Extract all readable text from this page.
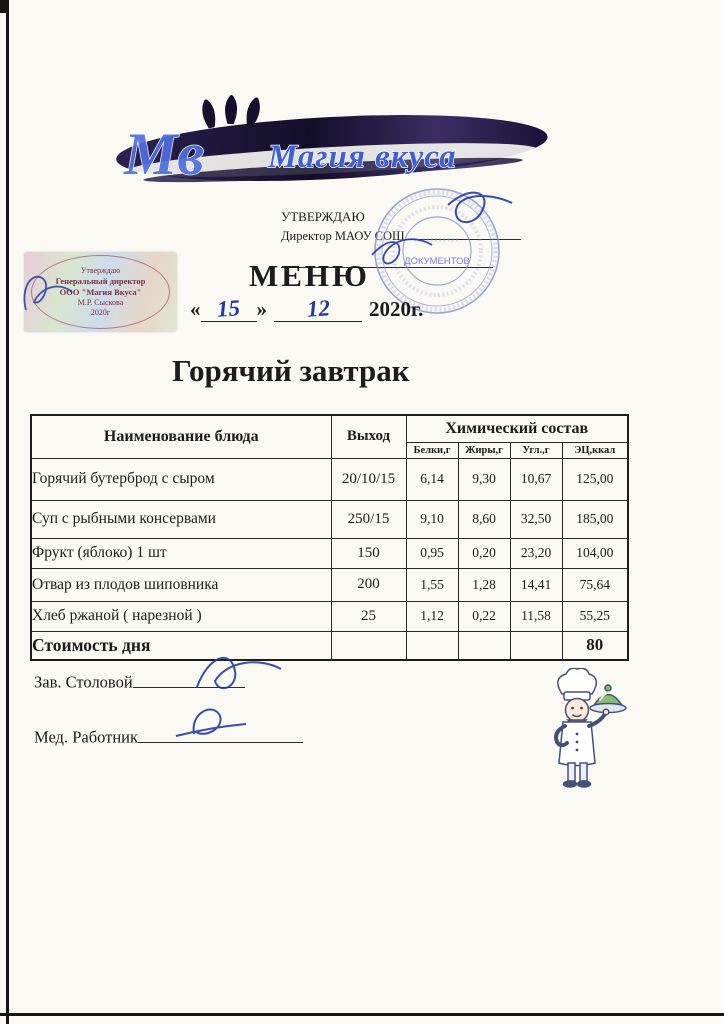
Мв Магия вкуса
УТВЕРЖДАЮ
Директор МАОУ СОШ
ДОКУМЕНТОВ
Утверждаю
Генеральный директор
ООО "Магия Вкуса"
М.Р. Сыскова
2020г
МЕНЮ
« 15 » 12 2020г.
Горячий завтрак
Наименование блюда	Выход	Химический состав			
		Белки,г	Жиры,г	Угл.,г	ЭЦ,ккал
Горячий бутерброд с сыром	20/10/15	6,14	9,30	10,67	125,00
Суп с рыбными консервами	250/15	9,10	8,60	32,50	185,00
Фрукт (яблоко) 1 шт	150	0,95	0,20	23,20	104,00
Отвар из плодов шиповника	200	1,55	1,28	14,41	75,64
Хлеб ржаной ( нарезной )	25	1,12	0,22	11,58	55,25
Стоимость дня					80
Зав. Столовой
Мед. Работник
